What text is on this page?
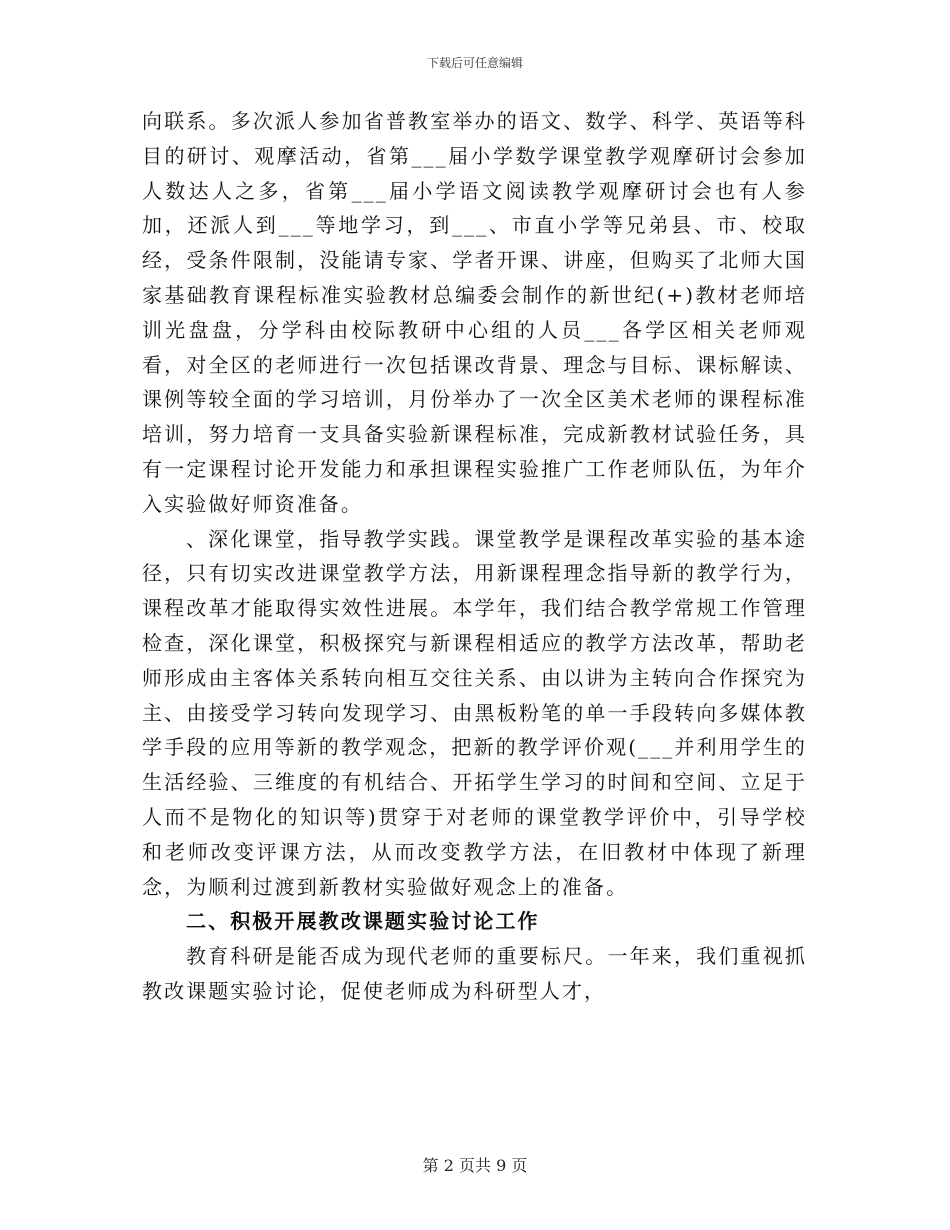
下载后可任意编辑

向联系。多次派人参加省普教室举办的语文、数学、科学、英语等科目的研讨、观摩活动，省第___届小学数学课堂教学观摩研讨会参加人数达人之多，省第___届小学语文阅读教学观摩研讨会也有人参加，还派人到___等地学习，到___、市直小学等兄弟县、市、校取经，受条件限制，没能请专家、学者开课、讲座，但购买了北师大国家基础教育课程标准实验教材总编委会制作的新世纪(+)教材老师培训光盘盘，分学科由校际教研中心组的人员___各学区相关老师观看，对全区的老师进行一次包括课改背景、理念与目标、课标解读、课例等较全面的学习培训，月份举办了一次全区美术老师的课程标准培训，努力培育一支具备实验新课程标准，完成新教材试验任务，具有一定课程讨论开发能力和承担课程实验推广工作老师队伍，为年介入实验做好师资准备。

、深化课堂，指导教学实践。课堂教学是课程改革实验的基本途径，只有切实改进课堂教学方法，用新课程理念指导新的教学行为，课程改革才能取得实效性进展。本学年，我们结合教学常规工作管理检查，深化课堂，积极探究与新课程相适应的教学方法改革，帮助老师形成由主客体关系转向相互交往关系、由以讲为主转向合作探究为主、由接受学习转向发现学习、由黑板粉笔的单一手段转向多媒体教学手段的应用等新的教学观念，把新的教学评价观(___并利用学生的生活经验、三维度的有机结合、开拓学生学习的时间和空间、立足于人而不是物化的知识等)贯穿于对老师的课堂教学评价中，引导学校和老师改变评课方法，从而改变教学方法，在旧教材中体现了新理念，为顺利过渡到新教材实验做好观念上的准备。

二、积极开展教改课题实验讨论工作

教育科研是能否成为现代老师的重要标尺。一年来，我们重视抓教改课题实验讨论，促使老师成为科研型人才，

第 2 页共 9 页
